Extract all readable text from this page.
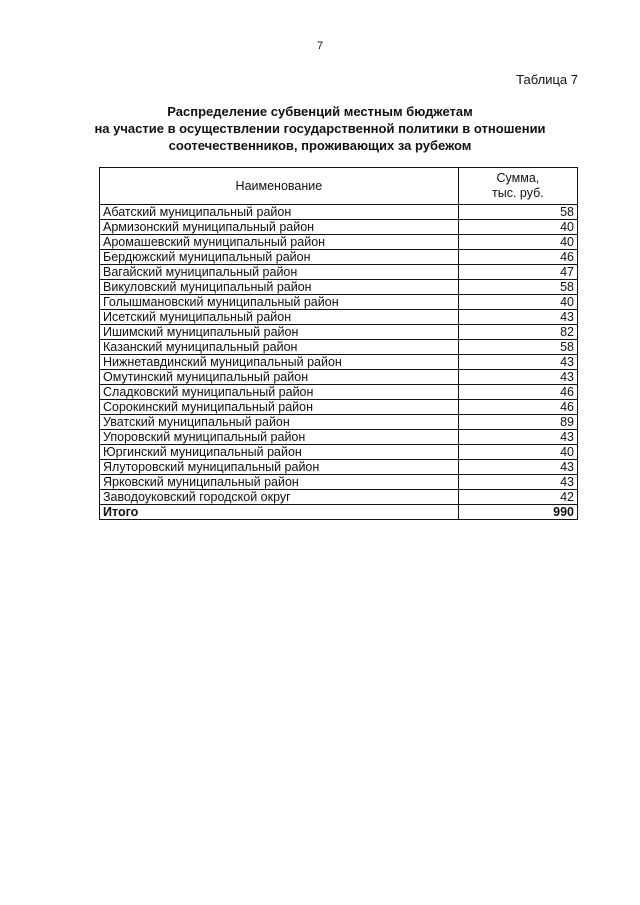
7
Таблица 7
Распределение субвенций местным бюджетам
на участие в осуществлении государственной политики в отношении
соотечественников, проживающих за рубежом
Наименование	Сумма,
тыс. руб.

Абатский муниципальный район	58
Армизонский муниципальный район	40
Аромашевский муниципальный район	40
Бердюжский муниципальный район	46
Вагайский муниципальный район	47
Викуловский муниципальный район	58
Голышмановский муниципальный район	40
Исетский муниципальный район	43
Ишимский муниципальный район	82
Казанский муниципальный район	58
Нижнетавдинский муниципальный район	43
Омутинский муниципальный район	43
Сладковский муниципальный район	46
Сорокинский муниципальный район	46
Уватский муниципальный район	89
Упоровский муниципальный район	43
Юргинский муниципальный район	40
Ялуторовский муниципальный район	43
Ярковский муниципальный район	43
Заводоуковский городской округ	42
Итого	990
